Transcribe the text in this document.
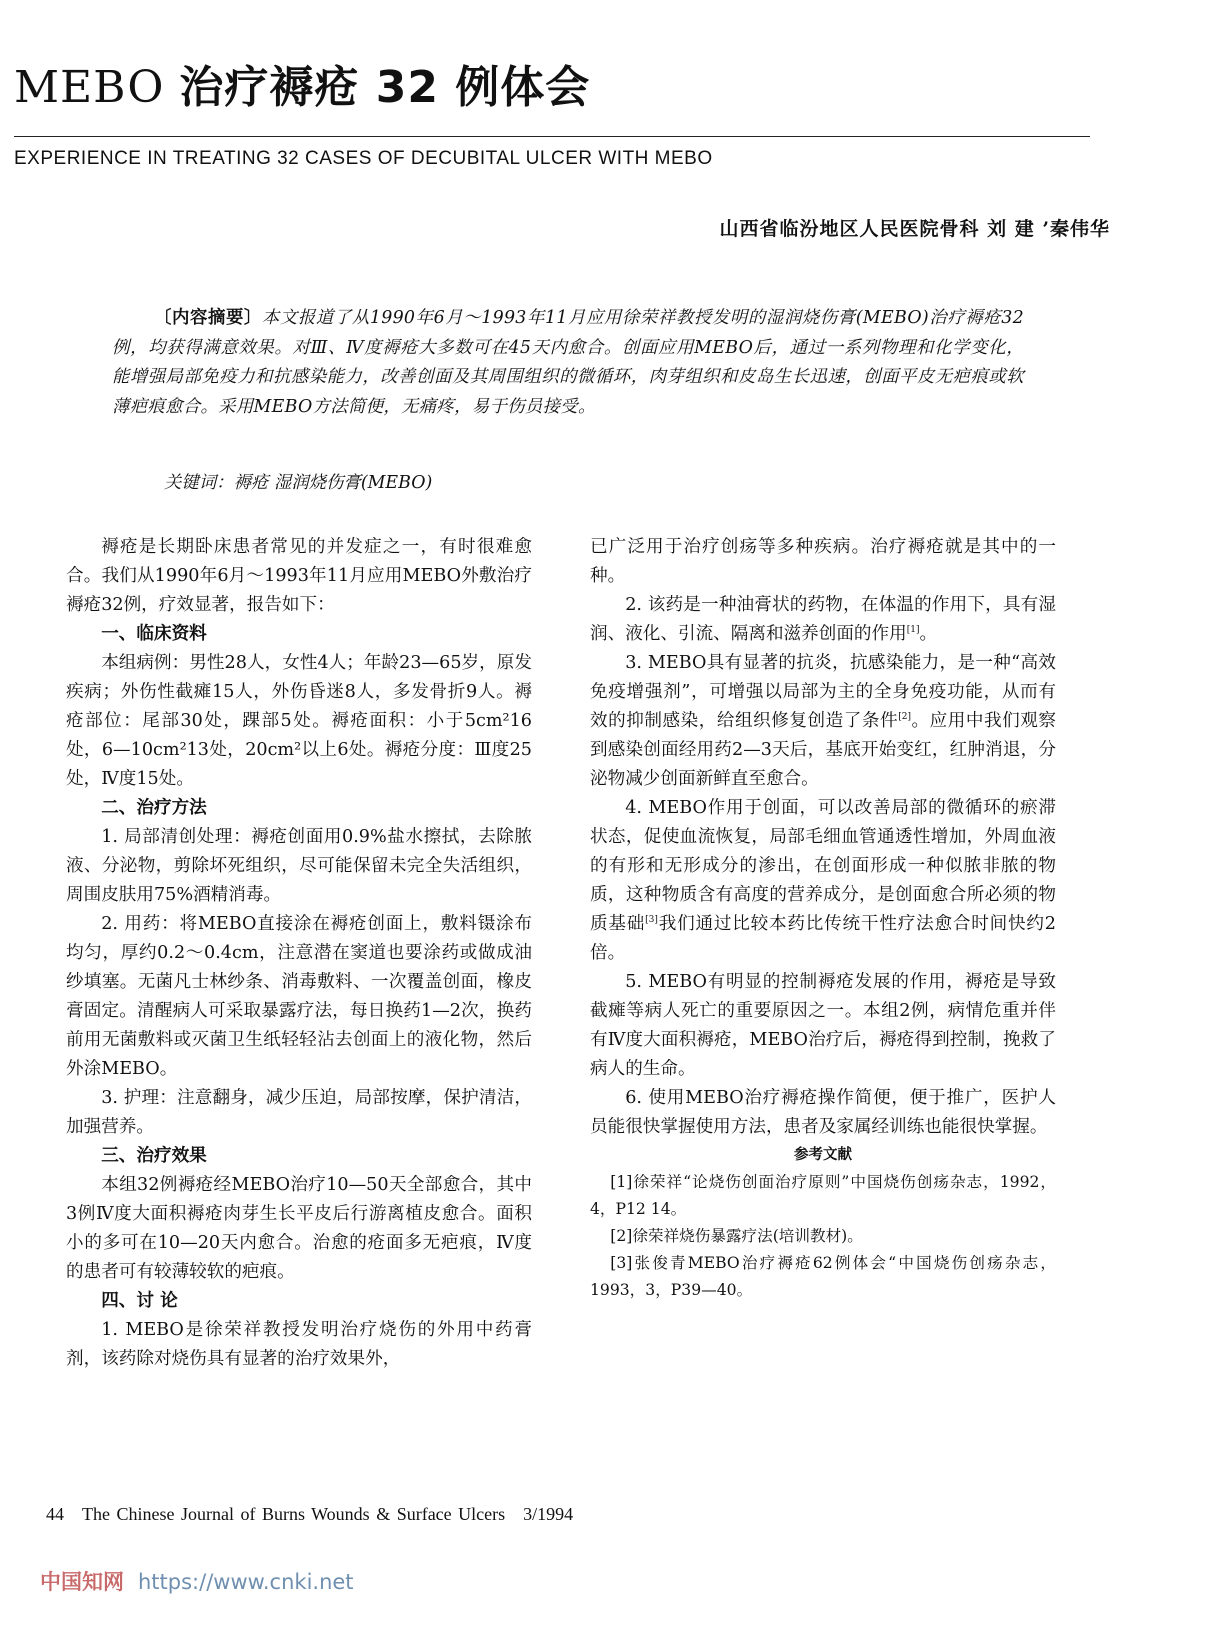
MEBO 治疗褥疮 32 例体会
EXPERIENCE IN TREATING 32 CASES OF DECUBITAL ULCER WITH MEBO
山西省临汾地区人民医院骨科 刘 建 ’秦伟华
〔内容摘要〕本文报道了从1990年6月～1993年11月应用徐荣祥教授发明的湿润烧伤膏(MEBO)治疗褥疮32例，均获得满意效果。对Ⅲ、Ⅳ度褥疮大多数可在45天内愈合。创面应用MEBO后，通过一系列物理和化学变化，能增强局部免疫力和抗感染能力，改善创面及其周围组织的微循环，肉芽组织和皮岛生长迅速，创面平皮无疤痕或软薄疤痕愈合。采用MEBO方法简便，无痛疼，易于伤员接受。
关键词：褥疮 湿润烧伤膏(MEBO)

褥疮是长期卧床患者常见的并发症之一，有时很难愈合。我们从1990年6月～1993年11月应用MEBO外敷治疗褥疮32例，疗效显著，报告如下：

一、临床资料

本组病例：男性28人，女性4人；年龄23—65岁，原发疾病；外伤性截瘫15人，外伤昏迷8人，多发骨折9人。褥疮部位：尾部30处，踝部5处。褥疮面积：小于5cm²16处，6—10cm²13处，20cm²以上6处。褥疮分度：Ⅲ度25处，Ⅳ度15处。

二、治疗方法

1. 局部清创处理：褥疮创面用0.9%盐水擦拭，去除脓液、分泌物，剪除坏死组织，尽可能保留未完全失活组织，周围皮肤用75%酒精消毒。

2. 用药：将MEBO直接涂在褥疮创面上，敷料镊涂布均匀，厚约0.2～0.4cm，注意潜在窦道也要涂药或做成油纱填塞。无菌凡士林纱条、消毒敷料、一次覆盖创面，橡皮膏固定。清醒病人可采取暴露疗法，每日换药1—2次，换药前用无菌敷料或灭菌卫生纸轻轻沾去创面上的液化物，然后外涂MEBO。

3. 护理：注意翻身，减少压迫，局部按摩，保护清洁，加强营养。

三、治疗效果

本组32例褥疮经MEBO治疗10—50天全部愈合，其中3例Ⅳ度大面积褥疮肉芽生长平皮后行游离植皮愈合。面积小的多可在10—20天内愈合。治愈的疮面多无疤痕，Ⅳ度的患者可有较薄较软的疤痕。

四、讨 论

1. MEBO是徐荣祥教授发明治疗烧伤的外用中药膏剂，该药除对烧伤具有显著的治疗效果外，

已广泛用于治疗创疡等多种疾病。治疗褥疮就是其中的一种。

2. 该药是一种油膏状的药物，在体温的作用下，具有湿润、液化、引流、隔离和滋养创面的作用[1]。

3. MEBO具有显著的抗炎，抗感染能力，是一种“高效免疫增强剂”，可增强以局部为主的全身免疫功能，从而有效的抑制感染，给组织修复创造了条件[2]。应用中我们观察到感染创面经用药2—3天后，基底开始变红，红肿消退，分泌物减少创面新鲜直至愈合。

4. MEBO作用于创面，可以改善局部的微循环的瘀滞状态，促使血流恢复，局部毛细血管通透性增加，外周血液的有形和无形成分的渗出，在创面形成一种似脓非脓的物质，这种物质含有高度的营养成分，是创面愈合所必须的物质基础[3]我们通过比较本药比传统干性疗法愈合时间快约2倍。

5. MEBO有明显的控制褥疮发展的作用，褥疮是导致截瘫等病人死亡的重要原因之一。本组2例，病情危重并伴有Ⅳ度大面积褥疮，MEBO治疗后，褥疮得到控制，挽救了病人的生命。

6. 使用MEBO治疗褥疮操作简便，便于推广，医护人员能很快掌握使用方法，患者及家属经训练也能很快掌握。

参考文献

[1]徐荣祥“论烧伤创面治疗原则”中国烧伤创疡杂志，1992，4，P12 14。

[2]徐荣祥烧伤暴露疗法(培训教材)。

[3]张俊青MEBO治疗褥疮62例体会“中国烧伤创疡杂志，1993，3，P39—40。

44 The Chinese Journal of Burns Wounds & Surface Ulcers 3/1994
中国知网 https://www.cnki.net
